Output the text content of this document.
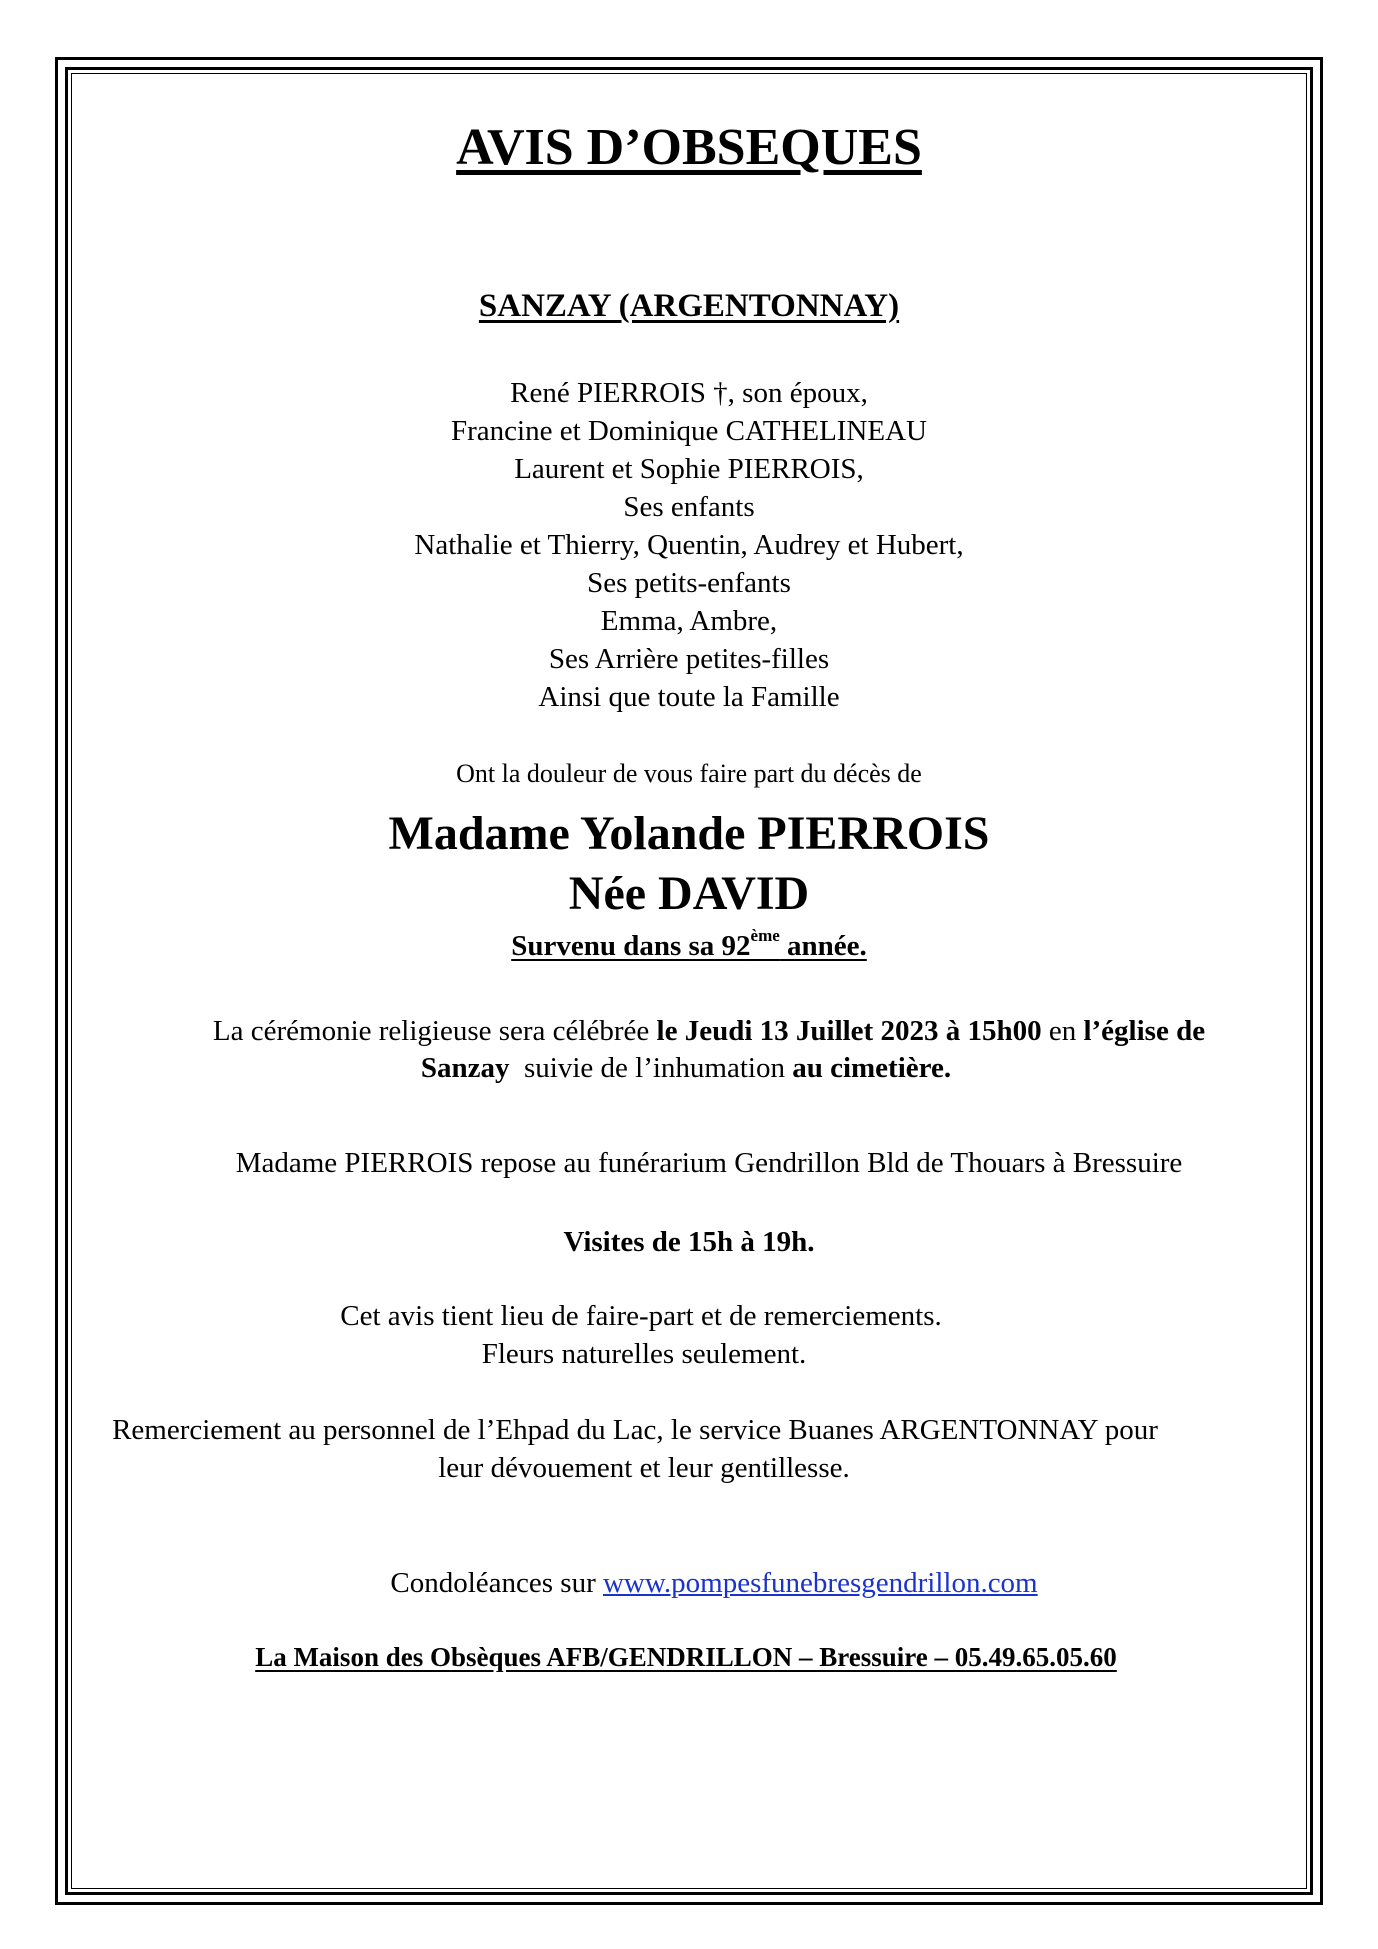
AVIS D’OBSEQUES
SANZAY (ARGENTONNAY)
René PIERROIS †, son époux,
Francine et Dominique CATHELINEAU
Laurent et Sophie PIERROIS,
Ses enfants
Nathalie et Thierry, Quentin, Audrey et Hubert,
Ses petits-enfants
Emma, Ambre,
Ses Arrière petites-filles
Ainsi que toute la Famille
Ont la douleur de vous faire part du décès de
Madame Yolande PIERROIS
Née DAVID
Survenu dans sa 92ème année.
La cérémonie religieuse sera célébrée le Jeudi 13 Juillet 2023 à 15h00 en l’église de
Sanzay  suivie de l’inhumation au cimetière.
Madame PIERROIS repose au funérarium Gendrillon Bld de Thouars à Bressuire
Visites de 15h à 19h.
Cet avis tient lieu de faire-part et de remerciements.
Fleurs naturelles seulement.
Remerciement au personnel de l’Ehpad du Lac, le service Buanes ARGENTONNAY pour
leur dévouement et leur gentillesse.
Condoléances sur www.pompesfunebresgendrillon.com
La Maison des Obsèques AFB/GENDRILLON – Bressuire – 05.49.65.05.60
